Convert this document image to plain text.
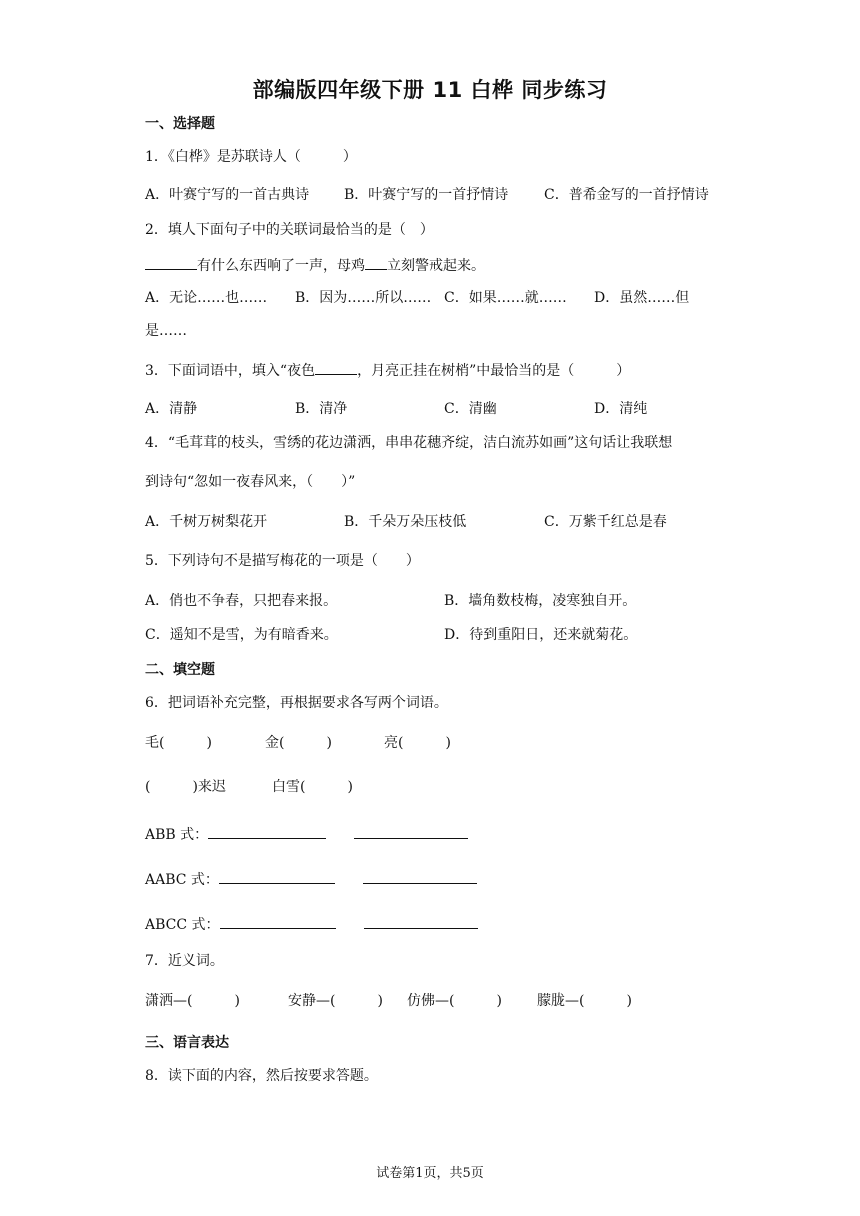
部编版四年级下册 11 白桦 同步练习
一、选择题
1．《白桦》是苏联诗人（　　　）
A．叶赛宁写的一首古典诗 B．叶赛宁写的一首抒情诗	C．普希金写的一首抒情诗
2．填人下面句子中的关联词最恰当的是（　）
有什么东西响了一声，母鸡 立刻警戒起来。
A．无论……也…… B．因为……所以…… C．如果……就…… D．虽然……但
是……
3．下面词语中，填入“夜色	，月亮正挂在树梢”中最恰当的是（　　　）
A．清静	B．清净	C．清幽	D．清纯
4．“毛茸茸的枝头，雪绣的花边潇洒，串串花穗齐绽，洁白流苏如画”这句话让我联想
到诗句“忽如一夜春风来，（　　）”
A．千树万树梨花开	B．千朵万朵压枝低	C．万紫千红总是春
5．下列诗句不是描写梅花的一项是（　　）
A．俏也不争春，只把春来报。	B．墙角数枝梅，凌寒独自开。
C．遥知不是雪，为有暗香来。	D．待到重阳日，还来就菊花。
二、填空题
6．把词语补充完整，再根据要求各写两个词语。
毛(　　　)	金(　　　)	亮(　　　)
(　　　)来迟	白雪(　　　)
ABB 式：
AABC 式：
ABCC 式：
7．近义词。
潇洒—(　　　)	安静—(　　　) 仿佛—(　　　)	朦胧—(　　　)
三、语言表达
8．读下面的内容，然后按要求答题。
试卷第1页，共5页
